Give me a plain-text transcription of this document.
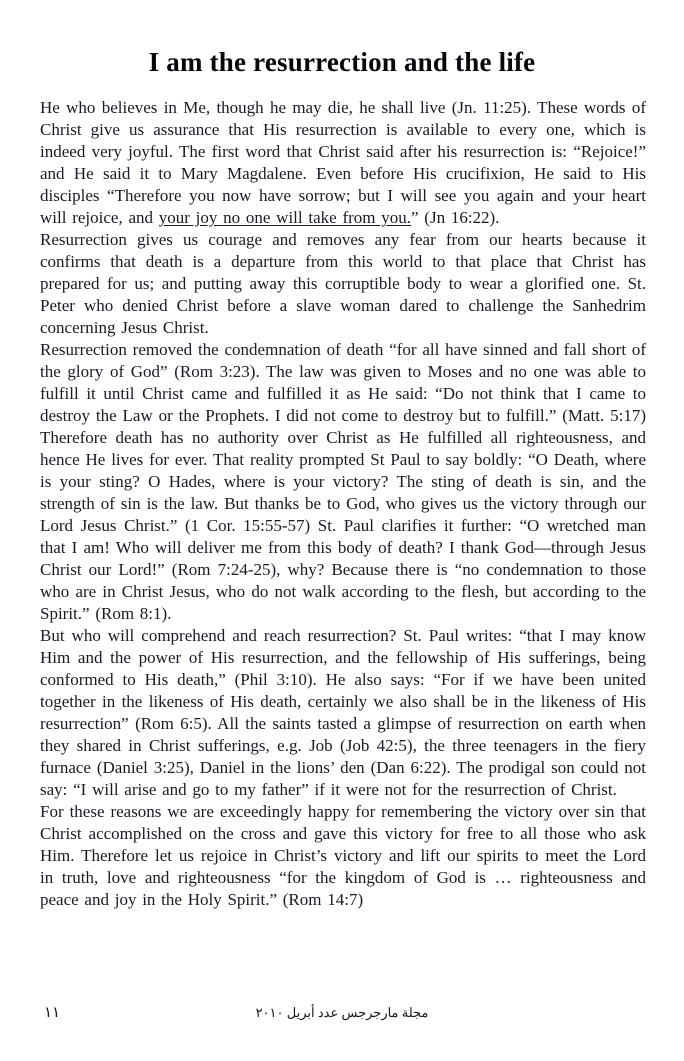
I am the resurrection and the life

He who believes in Me, though he may die, he shall live (Jn. 11:25). These words of Christ give us assurance that His resurrection is available to every one, which is indeed very joyful. The first word that Christ said after his resurrection is: “Rejoice!” and He said it to Mary Magdalene. Even before His crucifixion, He said to His disciples “Therefore you now have sorrow; but I will see you again and your heart will rejoice, and your joy no one will take from you.” (Jn 16:22).

Resurrection gives us courage and removes any fear from our hearts because it confirms that death is a departure from this world to that place that Christ has prepared for us; and putting away this corruptible body to wear a glorified one. St. Peter who denied Christ before a slave woman dared to challenge the Sanhedrim concerning Jesus Christ.

Resurrection removed the condemnation of death “for all have sinned and fall short of the glory of God” (Rom 3:23). The law was given to Moses and no one was able to fulfill it until Christ came and fulfilled it as He said: “Do not think that I came to destroy the Law or the Prophets. I did not come to destroy but to fulfill.” (Matt. 5:17) Therefore death has no authority over Christ as He fulfilled all righteousness, and hence He lives for ever. That reality prompted St Paul to say boldly: “O Death, where is your sting? O Hades, where is your victory? The sting of death is sin, and the strength of sin is the law. But thanks be to God, who gives us the victory through our Lord Jesus Christ.” (1 Cor. 15:55-57) St. Paul clarifies it further: “O wretched man that I am! Who will deliver me from this body of death? I thank God—through Jesus Christ our Lord!” (Rom 7:24-25), why? Because there is “no condemnation to those who are in Christ Jesus, who do not walk according to the flesh, but according to the Spirit.” (Rom 8:1).

But who will comprehend and reach resurrection? St. Paul writes: “that I may know Him and the power of His resurrection, and the fellowship of His sufferings, being conformed to His death,” (Phil 3:10). He also says: “For if we have been united together in the likeness of His death, certainly we also shall be in the likeness of His resurrection” (Rom 6:5). All the saints tasted a glimpse of resurrection on earth when they shared in Christ sufferings, e.g. Job (Job 42:5), the three teenagers in the fiery furnace (Daniel 3:25), Daniel in the lions’ den (Dan 6:22). The prodigal son could not say: “I will arise and go to my father” if it were not for the resurrection of Christ.

For these reasons we are exceedingly happy for remembering the victory over sin that Christ accomplished on the cross and gave this victory for free to all those who ask Him. Therefore let us rejoice in Christ’s victory and lift our spirits to meet the Lord in truth, love and righteousness “for the kingdom of God is … righteousness and peace and joy in the Holy Spirit.” (Rom 14:7)

١١	مجلة مارجرجس عدد أبريل ٢٠١٠
